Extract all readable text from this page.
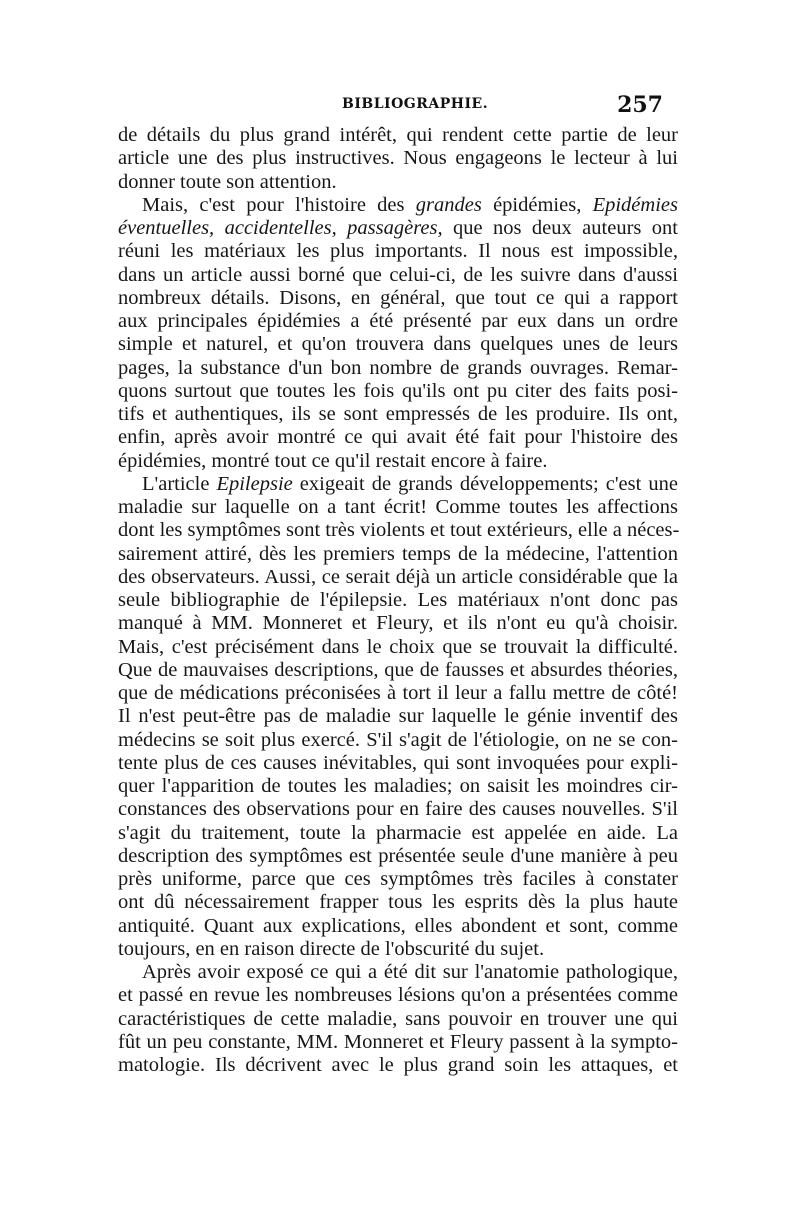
BIBLIOGRAPHIE.	257
de détails du plus grand intérêt, qui rendent cette partie de leur
article une des plus instructives. Nous engageons le lecteur à lui
donner toute son attention.
Mais, c'est pour l'histoire des grandes épidémies, Epidémies
éventuelles, accidentelles, passagères, que nos deux auteurs ont
réuni les matériaux les plus importants. Il nous est impossible,
dans un article aussi borné que celui-ci, de les suivre dans d'aussi
nombreux détails. Disons, en général, que tout ce qui a rapport
aux principales épidémies a été présenté par eux dans un ordre
simple et naturel, et qu'on trouvera dans quelques unes de leurs
pages, la substance d'un bon nombre de grands ouvrages. Remar-
quons surtout que toutes les fois qu'ils ont pu citer des faits posi-
tifs et authentiques, ils se sont empressés de les produire. Ils ont,
enfin, après avoir montré ce qui avait été fait pour l'histoire des
épidémies, montré tout ce qu'il restait encore à faire.
L'article Epilepsie exigeait de grands développements; c'est une
maladie sur laquelle on a tant écrit! Comme toutes les affections
dont les symptômes sont très violents et tout extérieurs, elle a néces-
sairement attiré, dès les premiers temps de la médecine, l'attention
des observateurs. Aussi, ce serait déjà un article considérable que la
seule bibliographie de l'épilepsie. Les matériaux n'ont donc pas
manqué à MM. Monneret et Fleury, et ils n'ont eu qu'à choisir.
Mais, c'est précisément dans le choix que se trouvait la difficulté.
Que de mauvaises descriptions, que de fausses et absurdes théories,
que de médications préconisées à tort il leur a fallu mettre de côté!
Il n'est peut-être pas de maladie sur laquelle le génie inventif des
médecins se soit plus exercé. S'il s'agit de l'étiologie, on ne se con-
tente plus de ces causes inévitables, qui sont invoquées pour expli-
quer l'apparition de toutes les maladies; on saisit les moindres cir-
constances des observations pour en faire des causes nouvelles. S'il
s'agit du traitement, toute la pharmacie est appelée en aide. La
description des symptômes est présentée seule d'une manière à peu
près uniforme, parce que ces symptômes très faciles à constater
ont dû nécessairement frapper tous les esprits dès la plus haute
antiquité. Quant aux explications, elles abondent et sont, comme
toujours, en en raison directe de l'obscurité du sujet.
Après avoir exposé ce qui a été dit sur l'anatomie pathologique,
et passé en revue les nombreuses lésions qu'on a présentées comme
caractéristiques de cette maladie, sans pouvoir en trouver une qui
fût un peu constante, MM. Monneret et Fleury passent à la sympto-
matologie. Ils décrivent avec le plus grand soin les attaques, et
